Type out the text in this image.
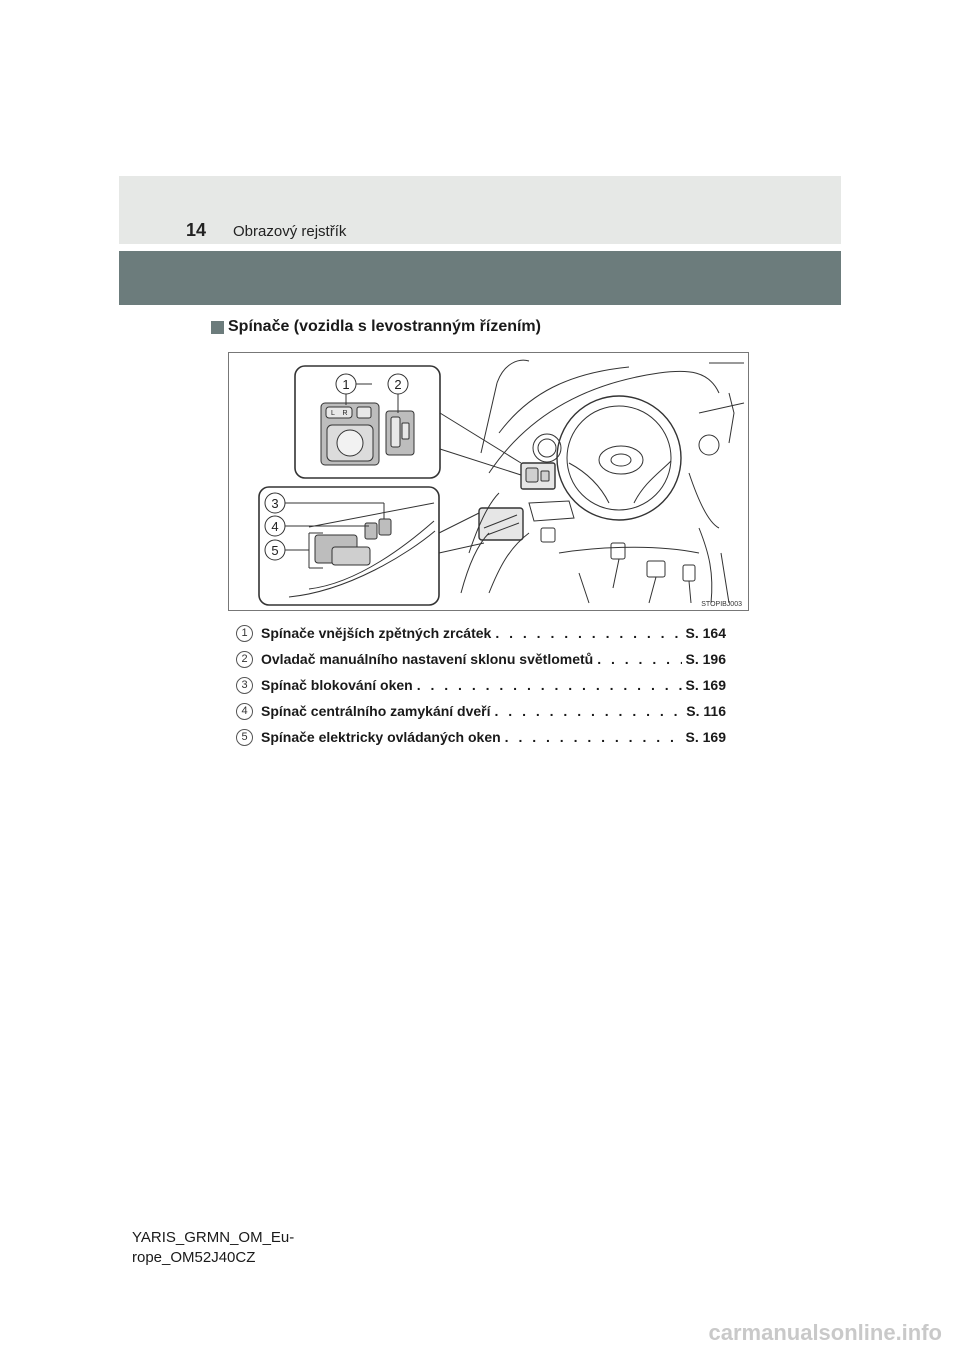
14 Obrazový rejstřík
Spínače (vozidla s levostranným řízením)
1	2
3
4
5
L R
STOPIBJ003
1 Spínače vnějších zpětných zrcátek . . .	S. 164
2 Ovladač manuálního nastavení sklonu světlometů . . .	S. 196
3 Spínač blokování oken . . .	S. 169
4 Spínač centrálního zamykání dveří . . .	S. 116
5 Spínače elektricky ovládaných oken . . .	S. 169
YARIS_GRMN_OM_Eu-
rope_OM52J40CZ
carmanualsonline.info
